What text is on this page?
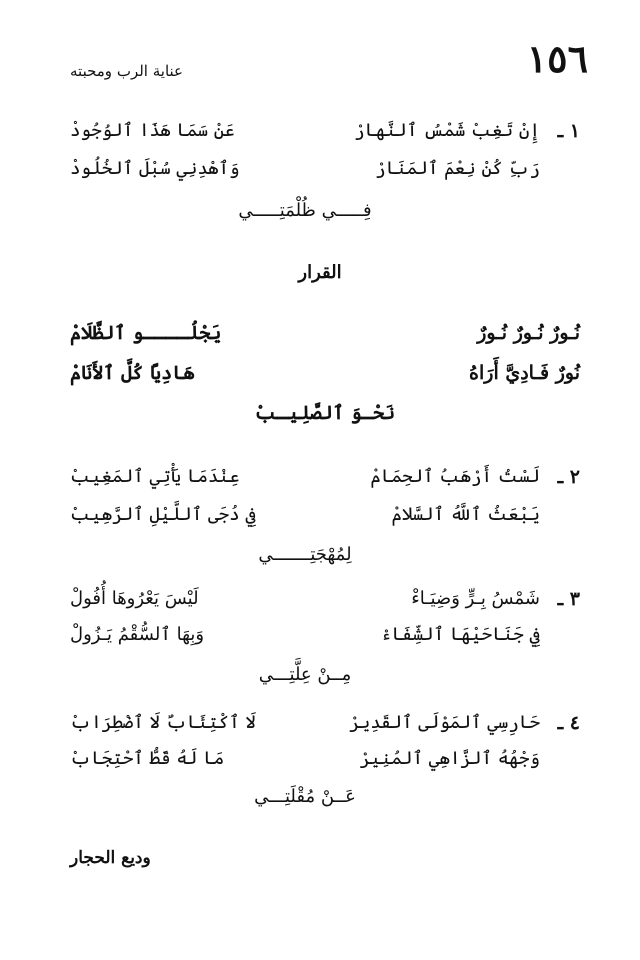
١٥٦
عناية الرب ومحبته
١ ـ
إِنْ تَغِبْ شَمْسُ ٱلنَّهارْ
عَنْ سَمَا هَذَا ٱلوُجُودْ
رَبِّ كُنْ نِعْمَ ٱلمَنَارْ
وَٱهْدِنِي سُبْلَ ٱلخُلُودْ
فِـــــي ظُلْمَتِـــــي
القرار
نُـورٌ نُـورٌ نُـورٌ
يَجْلُــــو ٱلظَّلَامْ
نُورٌ فَـادِيَّ أَرَاهُ
هَادِيًا كُلَّ ٱلأَنَامْ
نَحْـوَ ٱلصَّلِيـبْ
٢ ـ
لَسْتُ أَرْهَبُ ٱلحِمَامْ
عِنْدَمَا يَأْتِي ٱلمَغِيبْ
يَبْعَثُ ٱللَّهُ ٱلسَّلامْ
فِي دُجَى ٱللَّيْلِ ٱلرَّهِيبْ
لِمُهْجَتِـــــــي
٣ ـ
شَمْسُ بِـرٍّ وَضِيَـاءْ
لَيْسَ يَعْرُوهَا أُفُولْ
فِي جَنَاحَيْهَا ٱلشِّفَاءْ
وَبِهَا ٱلسُّقْمُ يَـزُولْ
مِــنْ عِلَّتِـــي
٤ ـ
حَارِسِي ٱلمَوْلَى ٱلقَدِيرْ
لَا ٱكْتِئَابٌ لَا ٱضْطِرَابْ
وَجْهُهُ ٱلزَّاهِي ٱلمُنِيرْ
مَا لَهُ قَطُّ ٱحْتِجَابْ
عَــنْ مُقْلَتِـــي
وديع الحجار
